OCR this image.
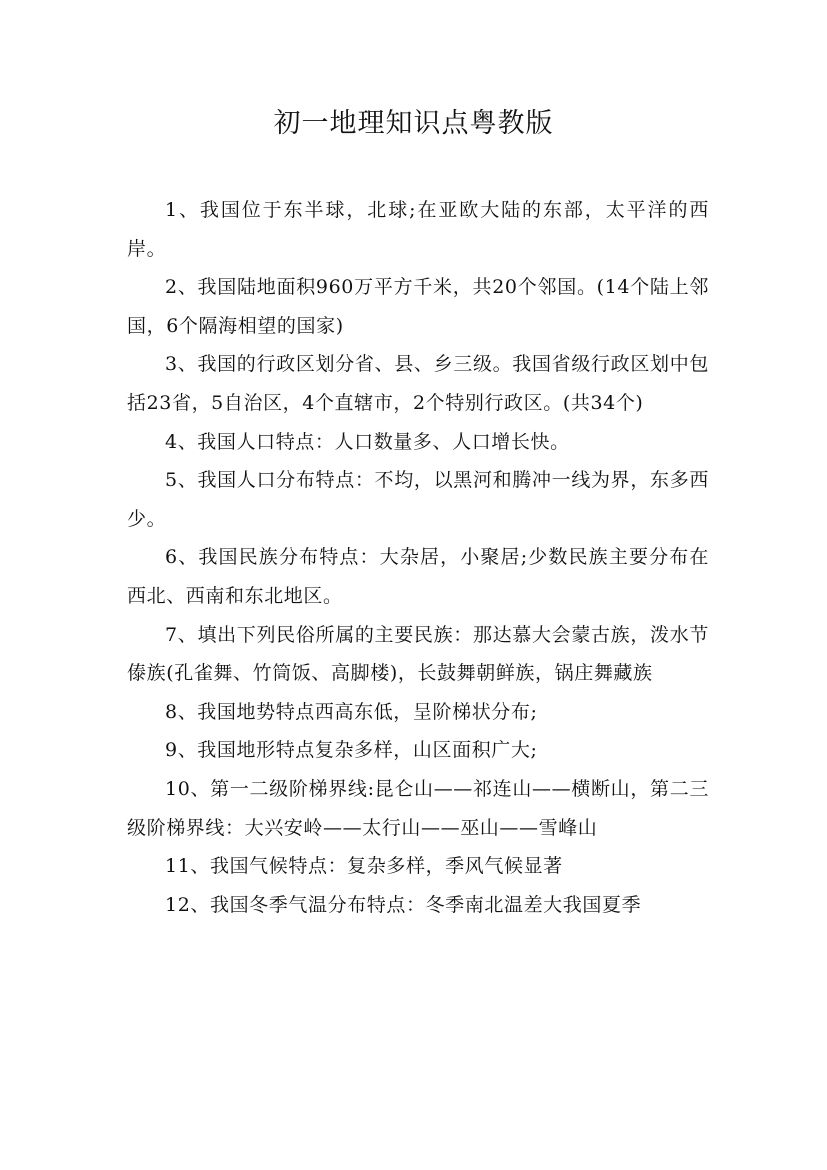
初一地理知识点粤教版

1、我国位于东半球，北球;在亚欧大陆的东部，太平洋的西岸。

2、我国陆地面积960万平方千米，共20个邻国。(14个陆上邻国，6个隔海相望的国家)

3、我国的行政区划分省、县、乡三级。我国省级行政区划中包括23省，5自治区，4个直辖市，2个特别行政区。(共34个)

4、我国人口特点：人口数量多、人口增长快。

5、我国人口分布特点：不均，以黑河和腾冲一线为界，东多西少。

6、我国民族分布特点：大杂居，小聚居;少数民族主要分布在西北、西南和东北地区。

7、填出下列民俗所属的主要民族：那达慕大会蒙古族，泼水节傣族(孔雀舞、竹筒饭、高脚楼)，长鼓舞朝鲜族，锅庄舞藏族

8、我国地势特点西高东低，呈阶梯状分布;

9、我国地形特点复杂多样，山区面积广大;

10、第一二级阶梯界线:昆仑山——祁连山——横断山，第二三级阶梯界线：大兴安岭——太行山——巫山——雪峰山

11、我国气候特点：复杂多样，季风气候显著

12、我国冬季气温分布特点：冬季南北温差大我国夏季
